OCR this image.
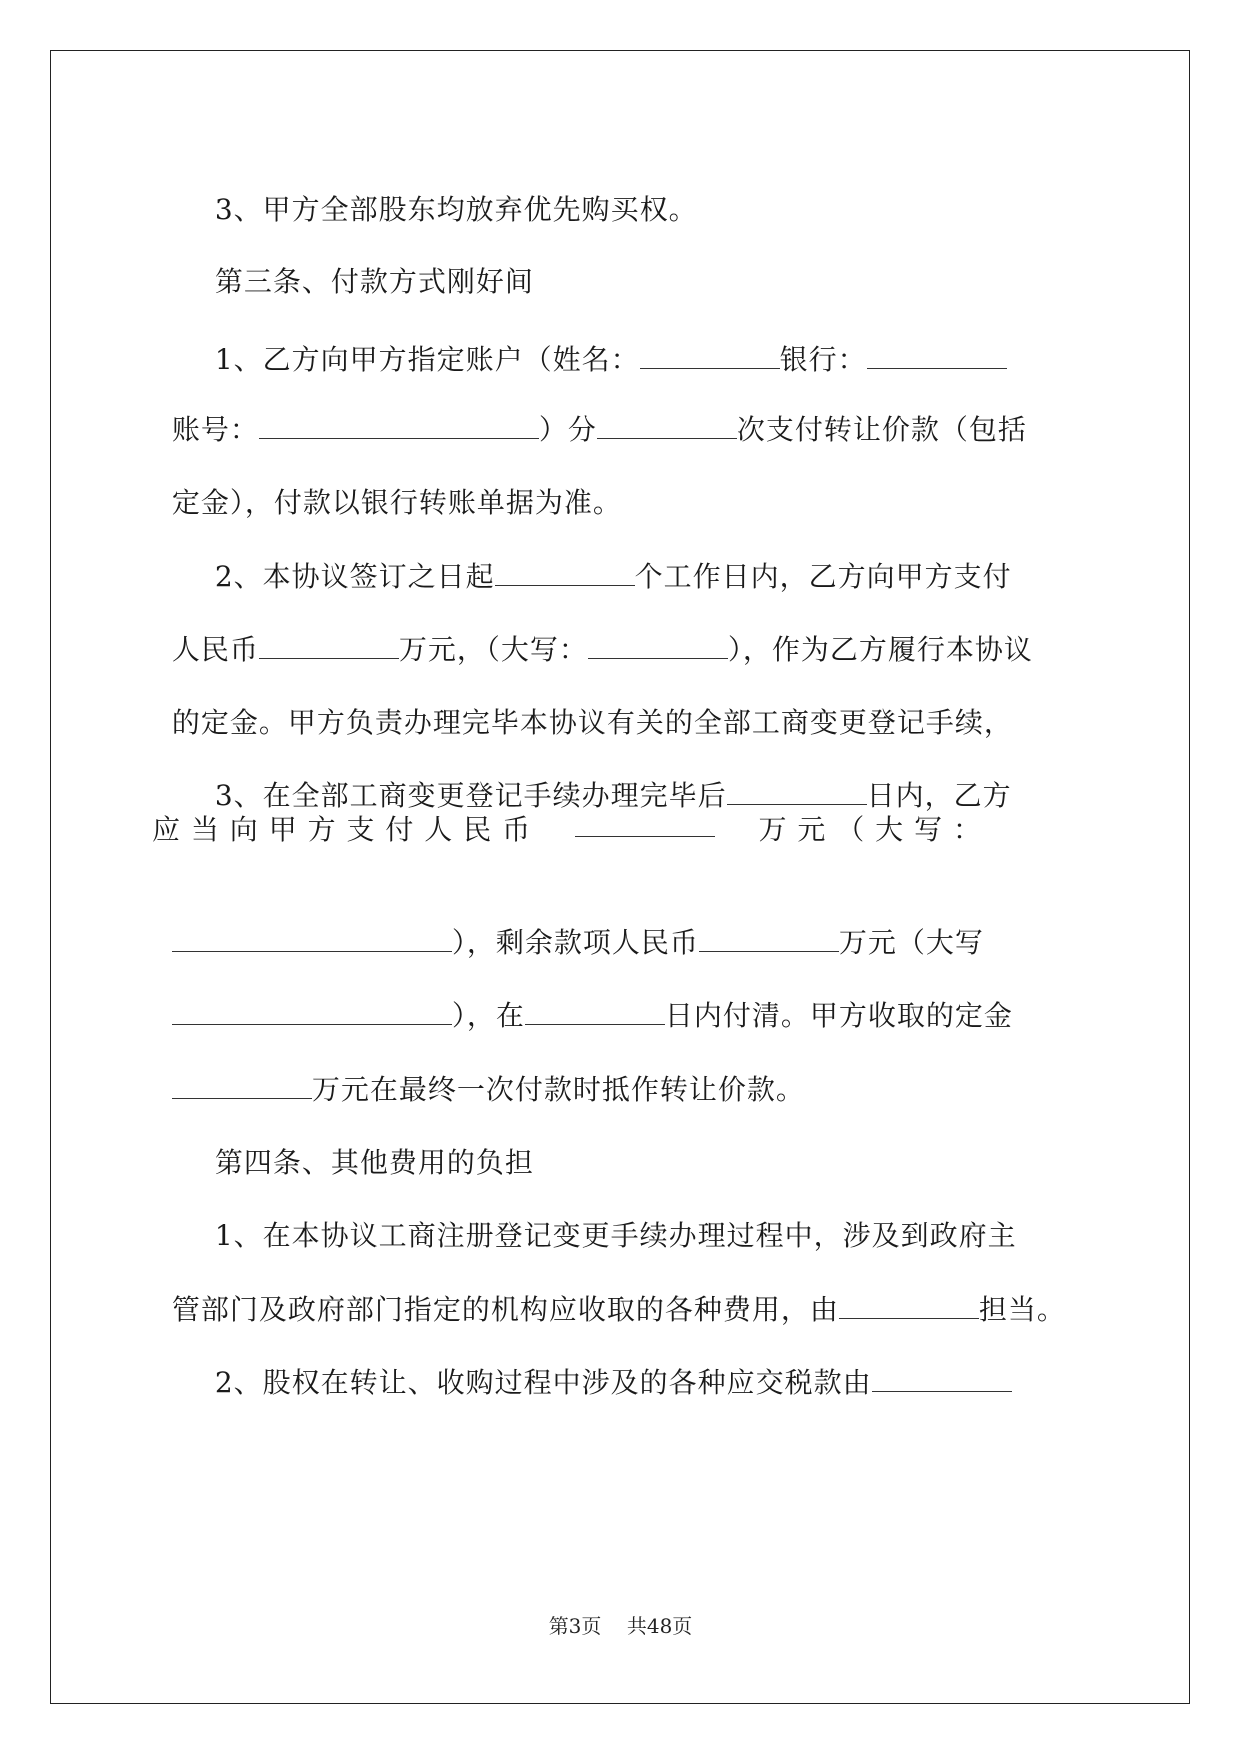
3、甲方全部股东均放弃优先购买权。

第三条、付款方式刚好间

1、乙方向甲方指定账户（姓名：	银行：

账号：	）分	次支付转让价款（包括

定金），付款以银行转账单据为准。

2、本协议签订之日起	个工作日内，乙方向甲方支付

人民币	万元，（大写：	），作为乙方履行本协议

的定金。甲方负责办理完毕本协议有关的全部工商变更登记手续，

3、在全部工商变更登记手续办理完毕后	日内，乙方

应 当 向 甲 方 支 付 人 民 币	万 元 （ 大 写 ：

），剩余款项人民币	万元（大写

），在	日内付清。甲方收取的定金

万元在最终一次付款时抵作转让价款。

第四条、其他费用的负担

1、在本协议工商注册登记变更手续办理过程中，涉及到政府主

管部门及政府部门指定的机构应收取的各种费用，由	担当。

2、股权在转让、收购过程中涉及的各种应交税款由

第3页 共48页
